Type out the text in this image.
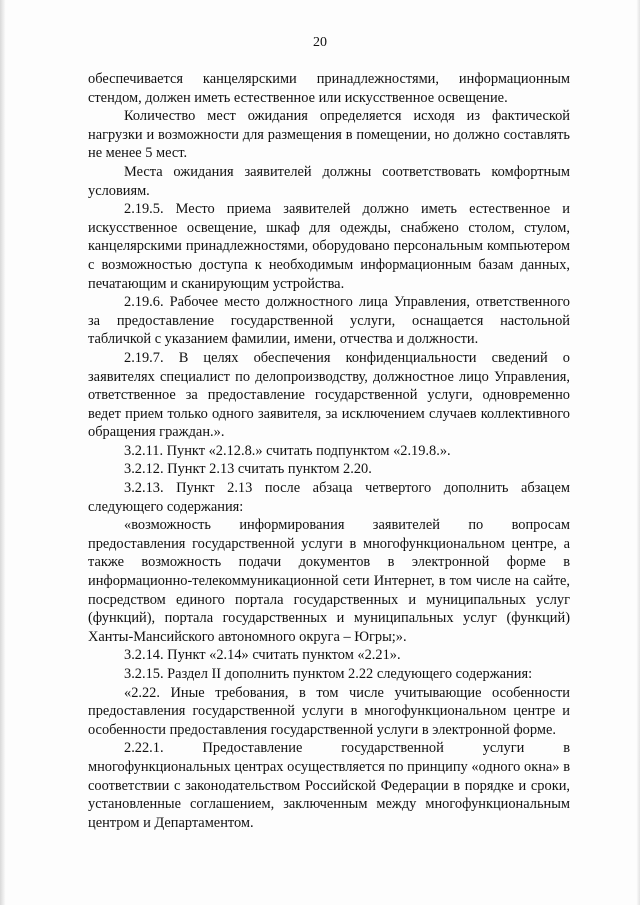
20

обеспечивается канцелярскими принадлежностями, информационным стендом, должен иметь естественное или искусственное освещение.

Количество мест ожидания определяется исходя из фактической нагрузки и возможности для размещения в помещении, но должно составлять не менее 5 мест.

Места ожидания заявителей должны соответствовать комфортным условиям.

2.19.5. Место приема заявителей должно иметь естественное и искусственное освещение, шкаф для одежды, снабжено столом, стулом, канцелярскими принадлежностями, оборудовано персональным компьютером с возможностью доступа к необходимым информационным базам данных, печатающим и сканирующим устройства.

2.19.6. Рабочее место должностного лица Управления, ответственного за предоставление государственной услуги, оснащается настольной табличкой с указанием фамилии, имени, отчества и должности.

2.19.7. В целях обеспечения конфиденциальности сведений о заявителях специалист по делопроизводству, должностное лицо Управления, ответственное за предоставление государственной услуги, одновременно ведет прием только одного заявителя, за исключением случаев коллективного обращения граждан.».

3.2.11. Пункт «2.12.8.» считать подпунктом «2.19.8.».

3.2.12. Пункт 2.13 считать пунктом 2.20.

3.2.13. Пункт 2.13 после абзаца четвертого дополнить абзацем следующего содержания:

«возможность информирования заявителей по вопросам предоставления государственной услуги в многофункциональном центре, а также возможность подачи документов в электронной форме в информационно-телекоммуникационной сети Интернет, в том числе на сайте, посредством единого портала государственных и муниципальных услуг (функций), портала государственных и муниципальных услуг (функций) Ханты-Мансийского автономного округа – Югры;».

3.2.14. Пункт «2.14» считать пунктом «2.21».

3.2.15. Раздел II дополнить пунктом 2.22 следующего содержания:

«2.22. Иные требования, в том числе учитывающие особенности предоставления государственной услуги в многофункциональном центре и особенности предоставления государственной услуги в электронной форме.

2.22.1. Предоставление государственной услуги в многофункциональных центрах осуществляется по принципу «одного окна» в соответствии с законодательством Российской Федерации в порядке и сроки, установленные соглашением, заключенным между многофункциональным центром и Департаментом.
